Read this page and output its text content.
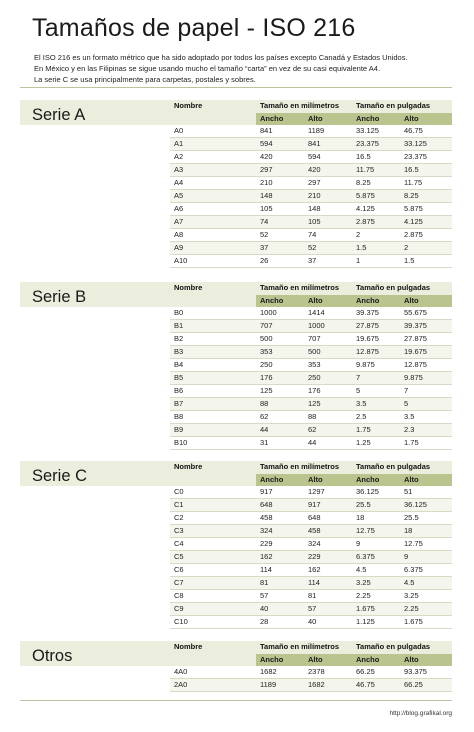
Tamaños de papel - ISO 216
El ISO 216 es un formato métrico que ha sido adoptado por todos los países excepto Canadá y Estados Unidos.
En México y en las Filipinas se sigue usando mucho el tamaño “carta” en vez de su casi equivalente A4.
La serie C se usa principalmente para carpetas, postales y sobres.
Serie A
Nombre	Tamaño en milímetros		Tamaño en pulgadas	
	Ancho	Alto	Ancho	Alto
A0	841	1189	33.125	46.75
A1	594	841	23.375	33.125
A2	420	594	16.5	23.375
A3	297	420	11.75	16.5
A4	210	297	8.25	11.75
A5	148	210	5.875	8.25
A6	105	148	4.125	5.875
A7	74	105	2.875	4.125
A8	52	74	2	2.875
A9	37	52	1.5	2
A10	26	37	1	1.5
Serie B
Nombre	Tamaño en milímetros		Tamaño en pulgadas	
	Ancho	Alto	Ancho	Alto
B0	1000	1414	39.375	55.675
B1	707	1000	27.875	39.375
B2	500	707	19.675	27.875
B3	353	500	12.875	19.675
B4	250	353	9.875	12.875
B5	176	250	7	9.875
B6	125	176	5	7
B7	88	125	3.5	5
B8	62	88	2.5	3.5
B9	44	62	1.75	2.3
B10	31	44	1.25	1.75
Serie C
Nombre	Tamaño en milímetros		Tamaño en pulgadas	
	Ancho	Alto	Ancho	Alto
C0	917	1297	36.125	51
C1	648	917	25.5	36.125
C2	458	648	18	25.5
C3	324	458	12.75	18
C4	229	324	9	12.75
C5	162	229	6.375	9
C6	114	162	4.5	6.375
C7	81	114	3.25	4.5
C8	57	81	2.25	3.25
C9	40	57	1.675	2.25
C10	28	40	1.125	1.675
Otros
Nombre	Tamaño en milímetros		Tamaño en pulgadas	
	Ancho	Alto	Ancho	Alto
4A0	1682	2378	66.25	93.375
2A0	1189	1682	46.75	66.25
http://blog.grafikal.org
